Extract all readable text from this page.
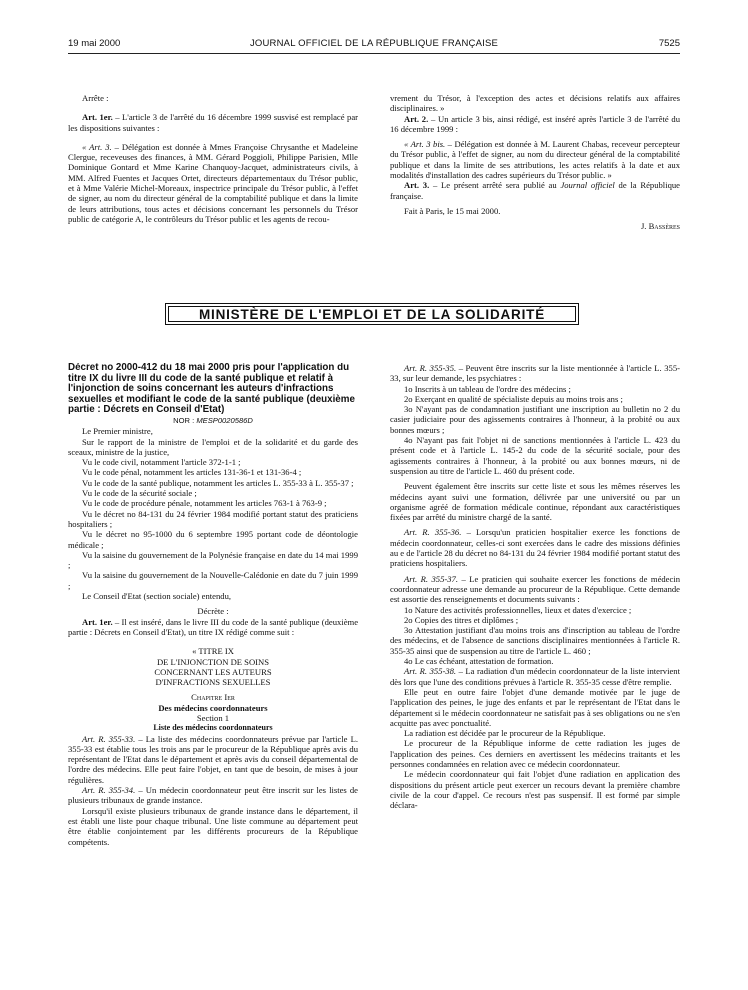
JOURNAL OFFICIEL DE LA RÉPUBLIQUE FRANÇAISE
19 mai 2000	7525

Arrête :

Art. 1er. – L'article 3 de l'arrêté du 16 décembre 1999 susvisé est remplacé par les dispositions suivantes :

« Art. 3. – Délégation est donnée à Mmes Françoise Chrysanthe et Madeleine Clergue, receveuses des finances, à MM. Gérard Poggioli, Philippe Parisien, Mlle Dominique Gontard et Mme Karine Chanquoy-Jacquet, administrateurs civils, à MM. Alfred Fuentes et Jacques Ortet, directeurs départementaux du Trésor public, et à Mme Valérie Michel-Moreaux, inspectrice principale du Trésor public, à l'effet de signer, au nom du directeur général de la comptabilité publique et dans la limite de leurs attributions, tous actes et décisions concernant les personnels du Trésor public de catégorie A, le contrôleurs du Trésor public et les agents de recou-

vrement du Trésor, à l'exception des actes et décisions relatifs aux affaires disciplinaires. »

Art. 2. – Un article 3 bis, ainsi rédigé, est inséré après l'article 3 de l'arrêté du 16 décembre 1999 :

« Art. 3 bis. – Délégation est donnée à M. Laurent Chabas, receveur percepteur du Trésor public, à l'effet de signer, au nom du directeur général de la comptabilité publique et dans la limite de ses attributions, les actes relatifs à la date et aux modalités d'installation des cadres supérieurs du Trésor public. »

Art. 3. – Le présent arrêté sera publié au Journal officiel de la République française.

Fait à Paris, le 15 mai 2000.

J. Bassères

MINISTÈRE DE L'EMPLOI ET DE LA SOLIDARITÉ

Décret no 2000-412 du 18 mai 2000 pris pour l'application du titre IX du livre III du code de la santé publique et relatif à l'injonction de soins concernant les auteurs d'infractions sexuelles et modifiant le code de la santé publique (deuxième partie : Décrets en Conseil d'Etat)

NOR : MESP0020586D

Le Premier ministre,

Sur le rapport de la ministre de l'emploi et de la solidarité et du garde des sceaux, ministre de la justice,

Vu le code civil, notamment l'article 372-1-1 ;

Vu le code pénal, notamment les articles 131-36-1 et 131-36-4 ;

Vu le code de la santé publique, notamment les articles L. 355-33 à L. 355-37 ;

Vu le code de la sécurité sociale ;

Vu le code de procédure pénale, notamment les articles 763-1 à 763-9 ;

Vu le décret no 84-131 du 24 février 1984 modifié portant statut des praticiens hospitaliers ;

Vu le décret no 95-1000 du 6 septembre 1995 portant code de déontologie médicale ;

Vu la saisine du gouvernement de la Polynésie française en date du 14 mai 1999 ;

Vu la saisine du gouvernement de la Nouvelle-Calédonie en date du 7 juin 1999 ;

Le Conseil d'Etat (section sociale) entendu,

Décrète :

Art. 1er. – Il est inséré, dans le livre III du code de la santé publique (deuxième partie : Décrets en Conseil d'Etat), un titre IX rédigé comme suit :

« TITRE IX

DE L'INJONCTION DE SOINS

CONCERNANT LES AUTEURS

D'INFRACTIONS SEXUELLES

Chapitre Ier

Des médecins coordonnateurs

Section 1

Liste des médecins coordonnateurs

Art. R. 355-33. – La liste des médecins coordonnateurs prévue par l'article L. 355-33 est établie tous les trois ans par le procureur de la République après avis du représentant de l'Etat dans le département et après avis du conseil départemental de l'ordre des médecins. Elle peut faire l'objet, en tant que de besoin, de mises à jour régulières.

Art. R. 355-34. – Un médecin coordonnateur peut être inscrit sur les listes de plusieurs tribunaux de grande instance.

Lorsqu'il existe plusieurs tribunaux de grande instance dans le département, il est établi une liste pour chaque tribunal. Une liste commune au département peut être établie conjointement par les différents procureurs de la République compétents.

Art. R. 355-35. – Peuvent être inscrits sur la liste mentionnée à l'article L. 355-33, sur leur demande, les psychiatres :

1o Inscrits à un tableau de l'ordre des médecins ;

2o Exerçant en qualité de spécialiste depuis au moins trois ans ;

3o N'ayant pas de condamnation justifiant une inscription au bulletin no 2 du casier judiciaire pour des agissements contraires à l'honneur, à la probité ou aux bonnes mœurs ;

4o N'ayant pas fait l'objet ni de sanctions mentionnées à l'article L. 423 du présent code et à l'article L. 145-2 du code de la sécurité sociale, pour des agissements contraires à l'honneur, à la probité ou aux bonnes mœurs, ni de suspension au titre de l'article L. 460 du présent code.

Peuvent également être inscrits sur cette liste et sous les mêmes réserves les médecins ayant suivi une formation, délivrée par une université ou par un organisme agréé de formation médicale continue, répondant aux caractéristiques fixées par arrêté du ministre chargé de la santé.

Art. R. 355-36. – Lorsqu'un praticien hospitalier exerce les fonctions de médecin coordonnateur, celles-ci sont exercées dans le cadre des missions définies au e de l'article 28 du décret no 84-131 du 24 février 1984 modifié portant statut des praticiens hospitaliers.

Art. R. 355-37. – Le praticien qui souhaite exercer les fonctions de médecin coordonnateur adresse une demande au procureur de la République. Cette demande est assortie des renseignements et documents suivants :

1o Nature des activités professionnelles, lieux et dates d'exercice ;

2o Copies des titres et diplômes ;

3o Attestation justifiant d'au moins trois ans d'inscription au tableau de l'ordre des médecins, et de l'absence de sanctions disciplinaires mentionnées à l'article R. 355-35 ainsi que de suspension au titre de l'article L. 460 ;

4o Le cas échéant, attestation de formation.

Art. R. 355-38. – La radiation d'un médecin coordonnateur de la liste intervient dès lors que l'une des conditions prévues à l'article R. 355-35 cesse d'être remplie.

Elle peut en outre faire l'objet d'une demande motivée par le juge de l'application des peines, le juge des enfants et par le représentant de l'Etat dans le département si le médecin coordonnateur ne satisfait pas à ses obligations ou ne s'en acquitte pas avec ponctualité.

La radiation est décidée par le procureur de la République.

Le procureur de la République informe de cette radiation les juges de l'application des peines. Ces derniers en avertissent les médecins traitants et les personnes condamnées en relation avec ce médecin coordonnateur.

Le médecin coordonnateur qui fait l'objet d'une radiation en application des dispositions du présent article peut exercer un recours devant la première chambre civile de la cour d'appel. Ce recours n'est pas suspensif. Il est formé par simple déclara-
